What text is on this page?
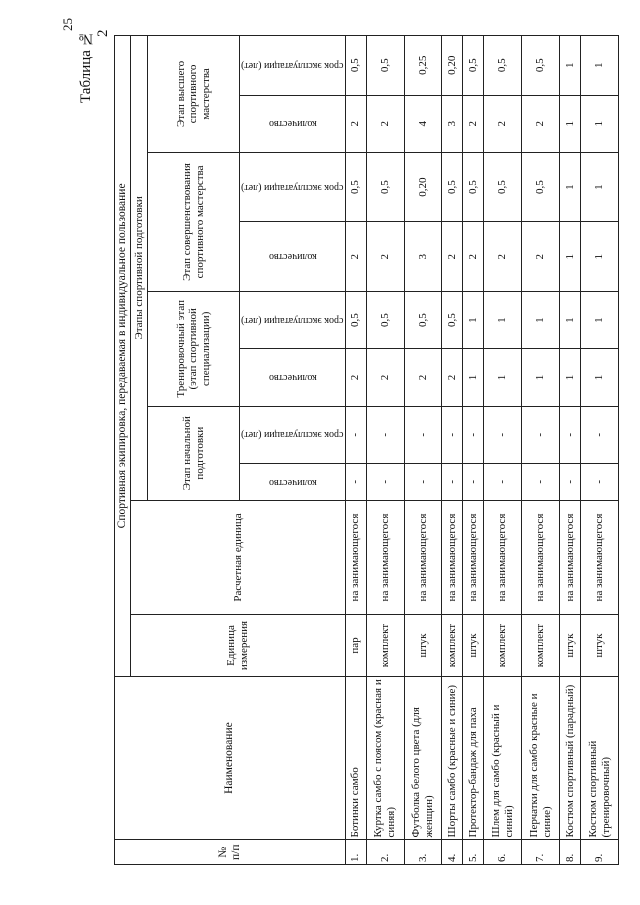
25
Таблица № 2
№ п/п	Наименование	Спортивная экипировка, передаваемая в индивидуальное пользование									
		Единица измерения	Расчетная единица	Этапы спортивной подготовки							
				Этап начальной подготовки		Тренировочный этап (этап спортивной специализации)		Этап совершенствования спортивного мастерства		Этап высшего спортивного мастерства	

				количество	срок эксплуатации (лет)	количество	срок эксплуатации (лет)	количество	срок эксплуатации (лет)	количество	срок эксплуатации (лет)

1.	Ботинки самбо	пар	на занимающегося	-	-	2	0,5	2	0,5	2	0,5
2.	Куртка самбо с поясом (красная и синяя)	комплект	на занимающегося	-	-	2	0,5	2	0,5	2	0,5
3.	Футболка белого цвета (для женщин)	штук	на занимающегося	-	-	2	0,5	3	0,20	4	0,25
4.	Шорты самбо (красные и синие)	комплект	на занимающегося	-	-	2	0,5	2	0,5	3	0,20
5.	Протектор-бандаж для паха	штук	на занимающегося	-	-	1	1	2	0,5	2	0,5
6.	Шлем для самбо (красный и синий)	комплект	на занимающегося	-	-	1	1	2	0,5	2	0,5
7.	Перчатки для самбо красные и синие)	комплект	на занимающегося	-	-	1	1	2	0,5	2	0,5
8.	Костюм спортивный (парадный)	штук	на занимающегося	-	-	1	1	1	1	1	1
9.	Костюм спортивный (тренировочный)	штук	на занимающегося	-	-	1	1	1	1	1	1
